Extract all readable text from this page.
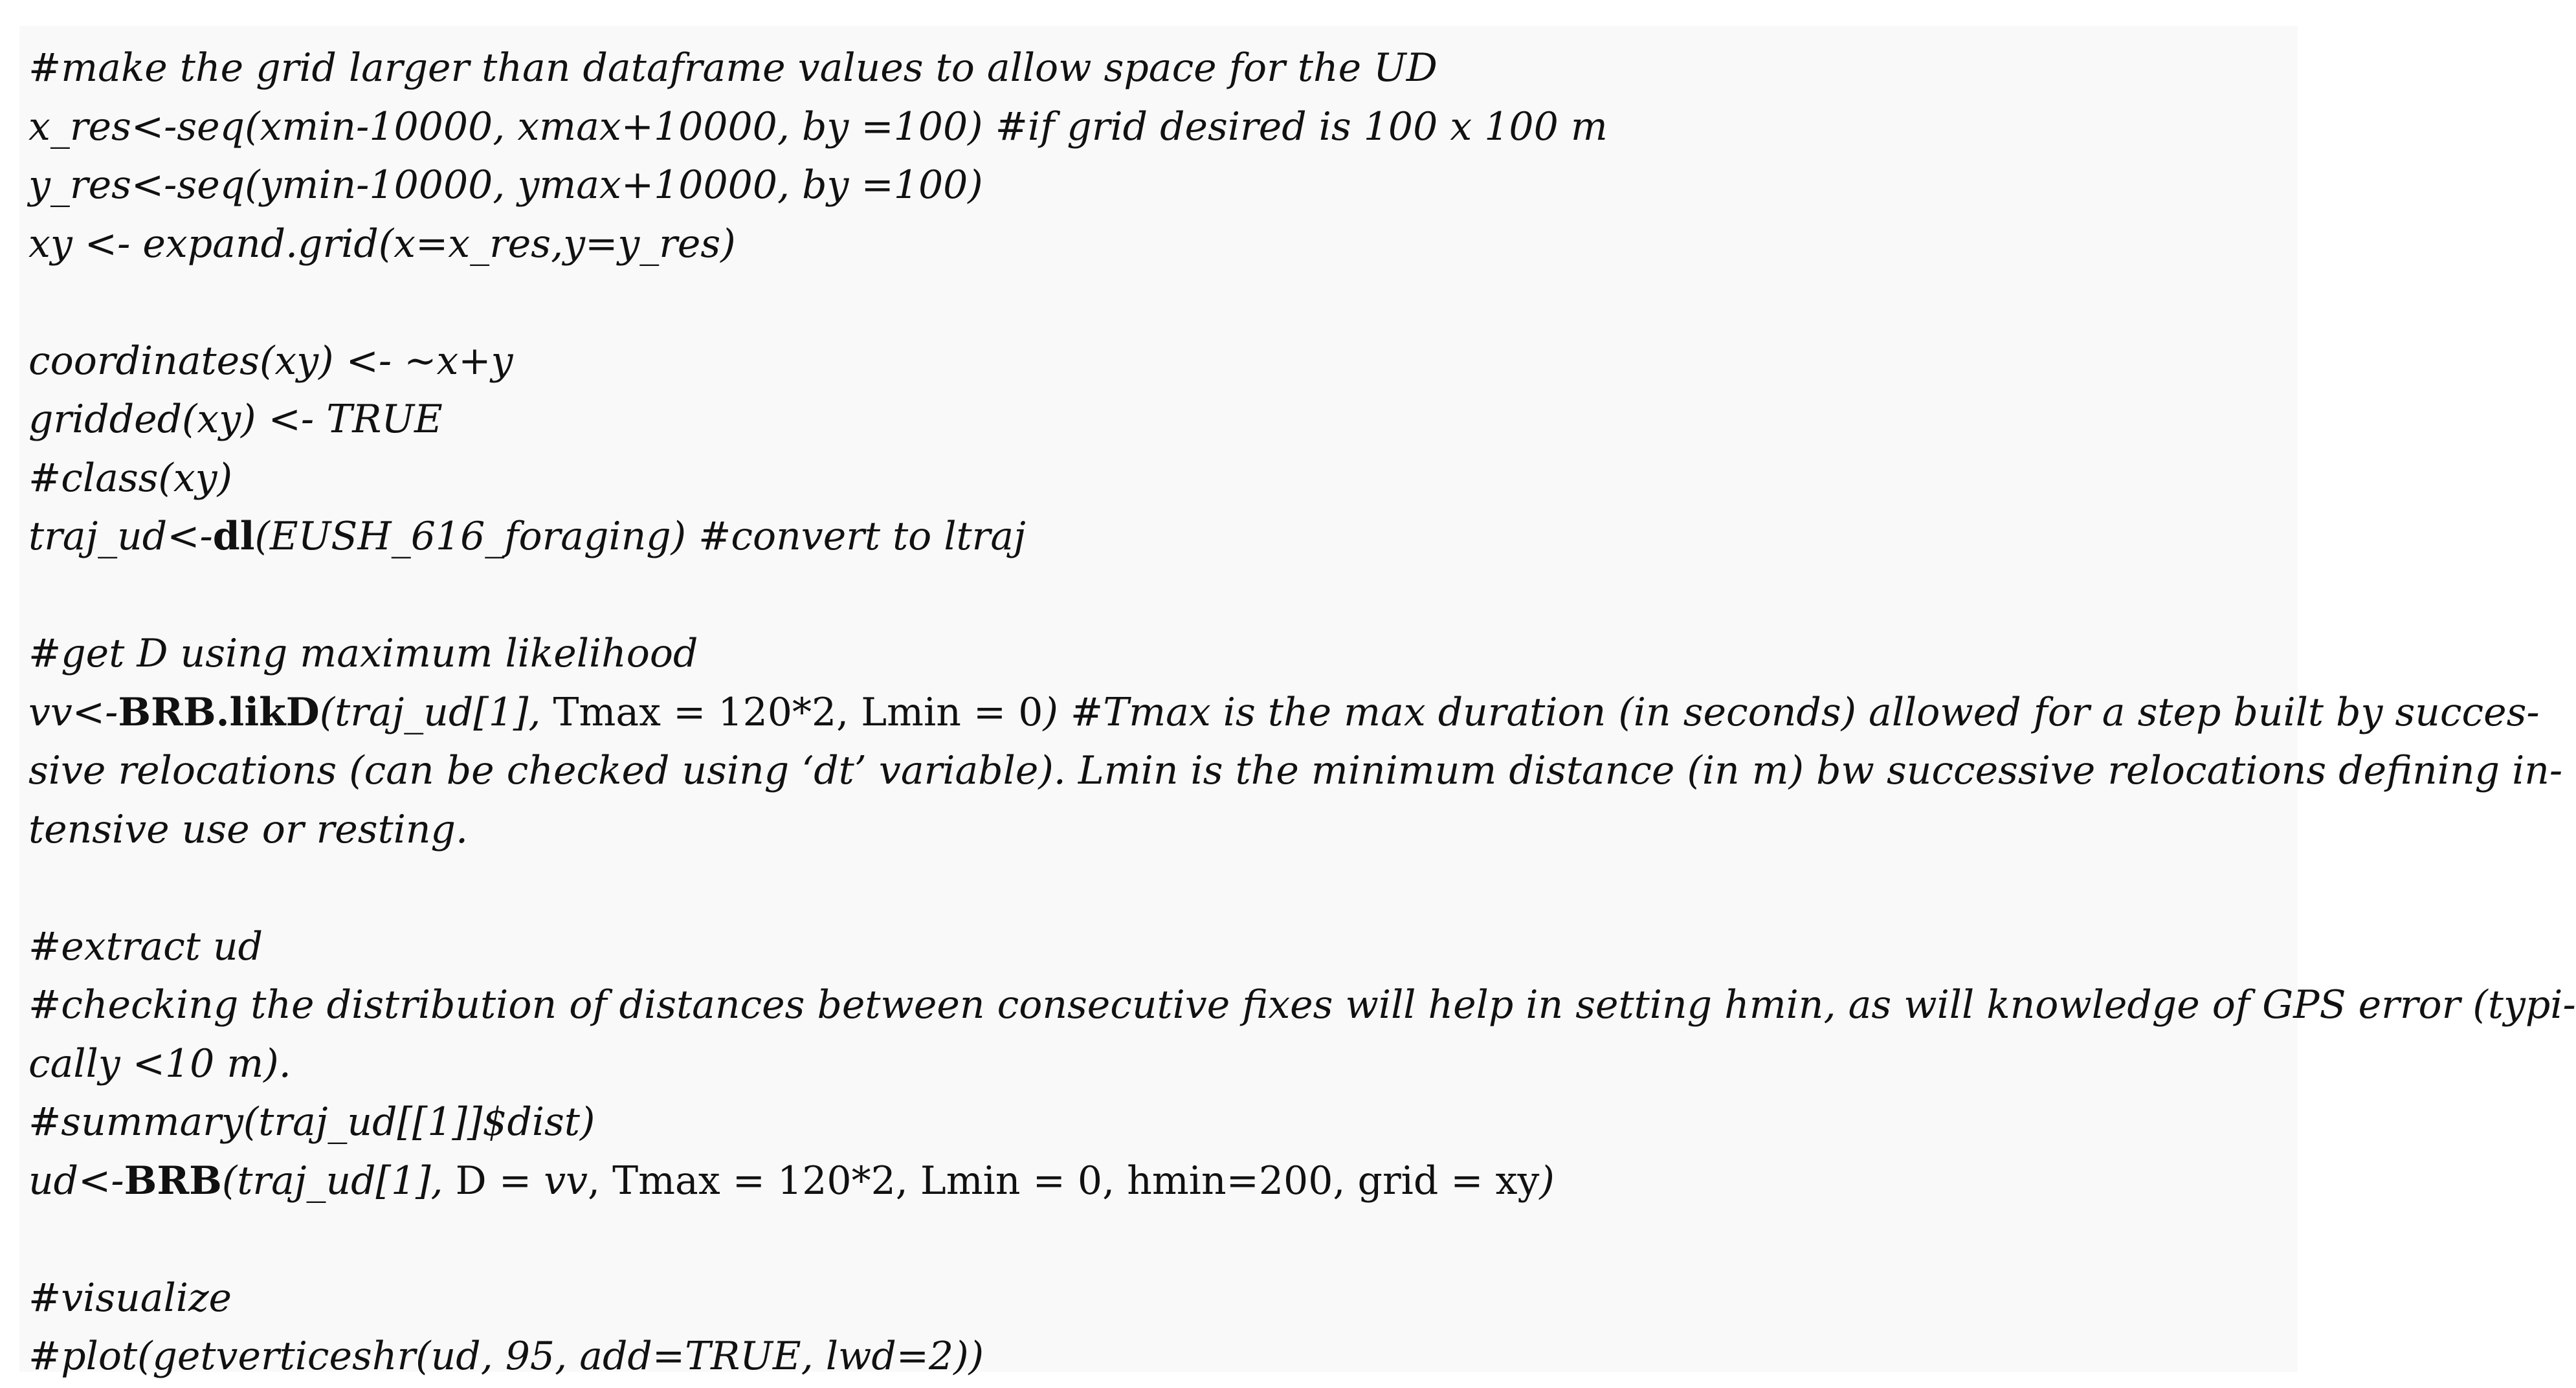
#make the grid larger than dataframe values to allow space for the UD
x_res<-seq(xmin-10000, xmax+10000, by =100) #if grid desired is 100 x 100 m
y_res<-seq(ymin-10000, ymax+10000, by =100)
xy <- expand.grid(x=x_res,y=y_res)

coordinates(xy) <- ~x+y
gridded(xy) <- TRUE
#class(xy)
traj_ud<-dl(EUSH_616_foraging) #convert to ltraj

#get D using maximum likelihood
vv<-BRB.likD(traj_ud[1], Tmax = 120*2, Lmin = 0) #Tmax is the max duration (in seconds) allowed for a step built by succes-
sive relocations (can be checked using ‘dt’ variable). Lmin is the minimum distance (in m) bw successive relocations defining in-
tensive use or resting.

#extract ud
#checking the distribution of distances between consecutive fixes will help in setting hmin, as will knowledge of GPS error (typi-
cally <10 m).
#summary(traj_ud[[1]]$dist)
ud<-BRB(traj_ud[1], D = vv, Tmax = 120*2, Lmin = 0, hmin=200, grid = xy)

#visualize
#plot(getverticeshr(ud, 95, add=TRUE, lwd=2))
